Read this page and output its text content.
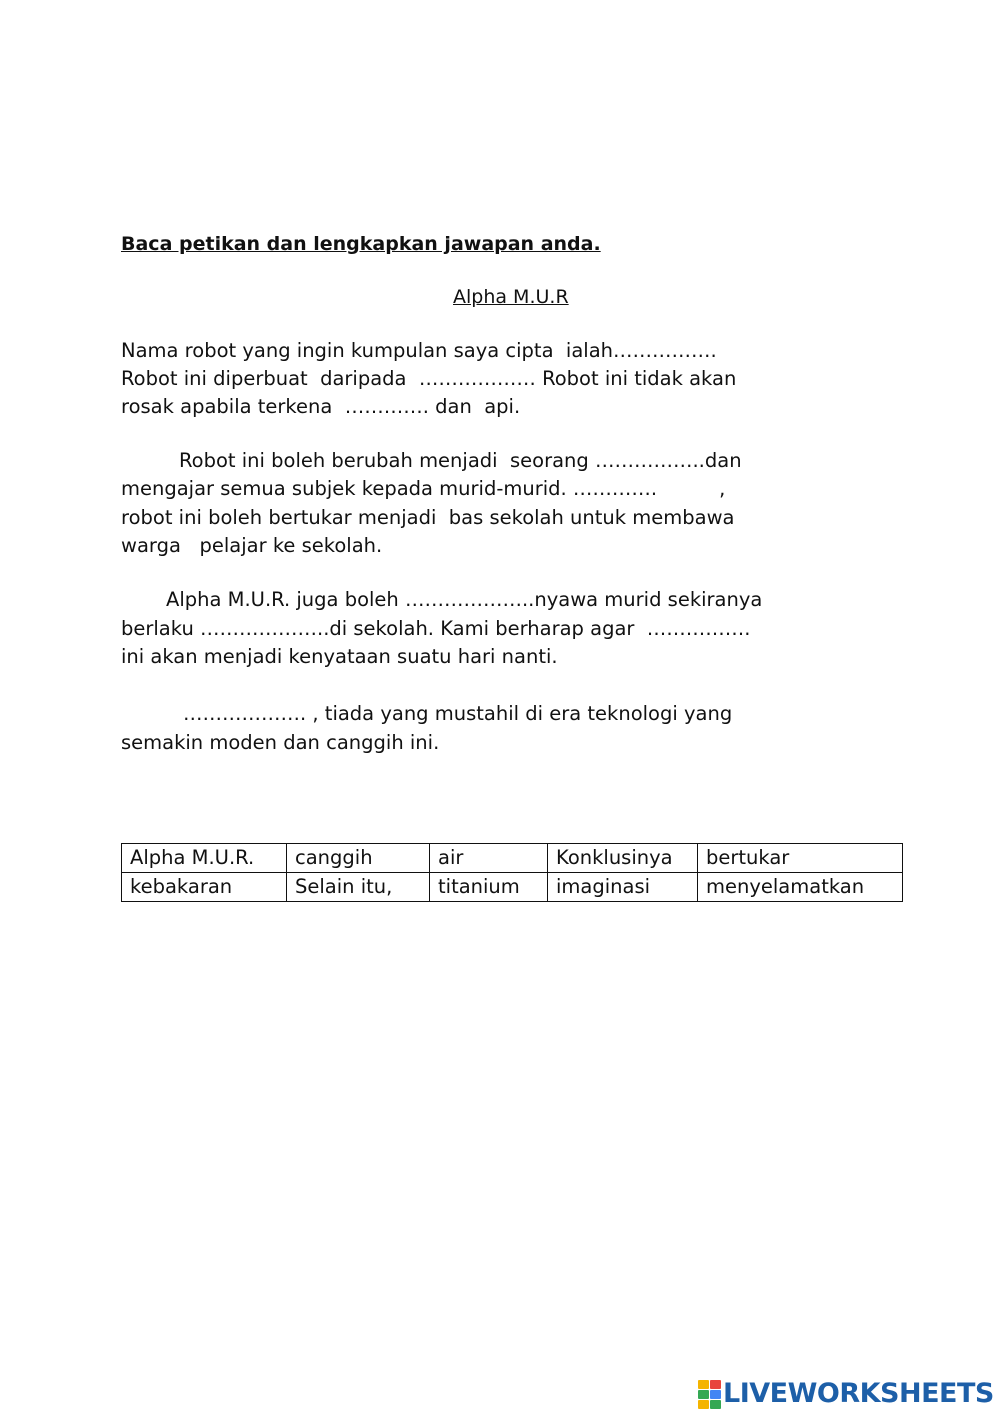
Baca petikan dan lengkapkan jawapan anda.
Alpha M.U.R
Nama robot yang ingin kumpulan saya cipta  ialah…………….
Robot ini diperbuat  daripada  ……………… Robot ini tidak akan
rosak apabila terkena  …………. dan  api.
Robot ini boleh berubah menjadi  seorang ……………..dan
mengajar semua subjek kepada murid-murid. ………….          ,
robot ini boleh bertukar menjadi  bas sekolah untuk membawa
warga   pelajar ke sekolah.
Alpha M.U.R. juga boleh ………………..nyawa murid sekiranya
berlaku ………………..di sekolah. Kami berharap agar  …………….
ini akan menjadi kenyataan suatu hari nanti.
………………. , tiada yang mustahil di era teknologi yang
semakin moden dan canggih ini.
Alpha M.U.R.	canggih	air	Konklusinya	bertukar
kebakaran	Selain itu,	titanium	imaginasi	menyelamatkan
LIVEWORKSHEETS
